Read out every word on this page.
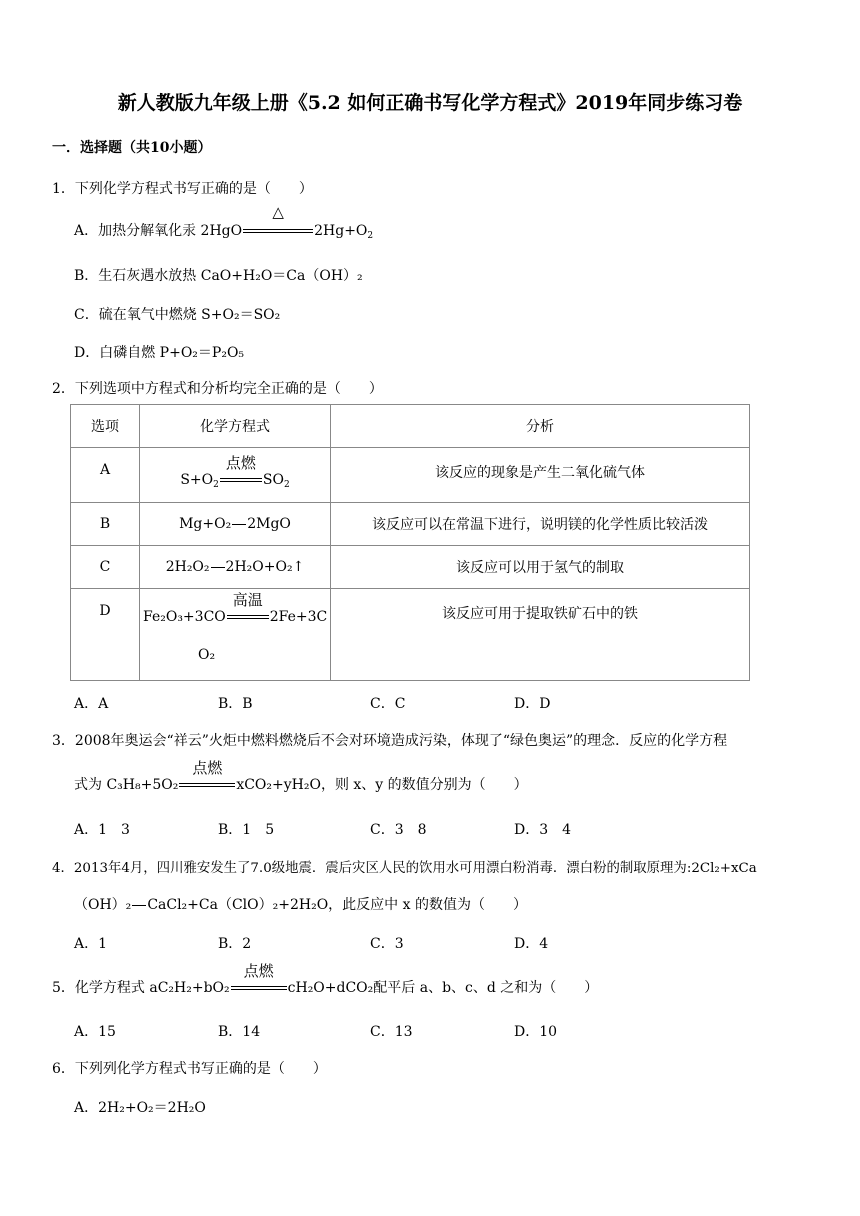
新人教版九年级上册《5.2 如何正确书写化学方程式》2019年同步练习卷
一．选择题（共10小题）
1．下列化学方程式书写正确的是（　　）
A．加热分解氧化汞 2HgO
△
$2Hg+O_2$
B．生石灰遇水放热 CaO+H₂O＝Ca（OH）₂
C．硫在氧气中燃烧 S+O₂＝SO₂
D．白磷自燃 P+O₂＝P₂O₅
2．下列选项中方程式和分析均完全正确的是（　　）
选项	化学方程式	分析
A	$S+O_2$
点燃
$SO_2$	该反应的现象是产生二氧化硫气体
B	Mg+O₂ 2MgO	该反应可以在常温下进行，说明镁的化学性质比较活泼
C	2H₂O₂ 2H₂O+O₂↑	该反应可以用于氢气的制取
D	Fe₂O₃+3CO
高温
2Fe+3C
O₂	该反应可用于提取铁矿石中的铁
A．A	B．B	C．C	D．D
3．2008年奥运会“祥云”火炬中燃料燃烧后不会对环境造成污染，体现了“绿色奥运”的理念．反应的化学方程
式为 C₃H₈+5O₂
点燃
xCO₂+yH₂O，则 x、y 的数值分别为（　　）
A．1　3	B．1　5	C．3　8	D．3　4
4．2013年4月，四川雅安发生了7.0级地震．震后灾区人民的饮用水可用漂白粉消毒．漂白粉的制取原理为:2Cl₂+xCa
（OH）₂ CaCl₂+Ca（ClO）₂+2H₂O，此反应中 x 的数值为（　　）
A．1	B．2	C．3	D．4
5．化学方程式 aC₂H₂+bO₂
点燃
cH₂O+dCO₂配平后 a、b、c、d 之和为（　　）
A．15	B．14	C．13	D．10
6．下列列化学方程式书写正确的是（　　）
A．2H₂+O₂＝2H₂O
